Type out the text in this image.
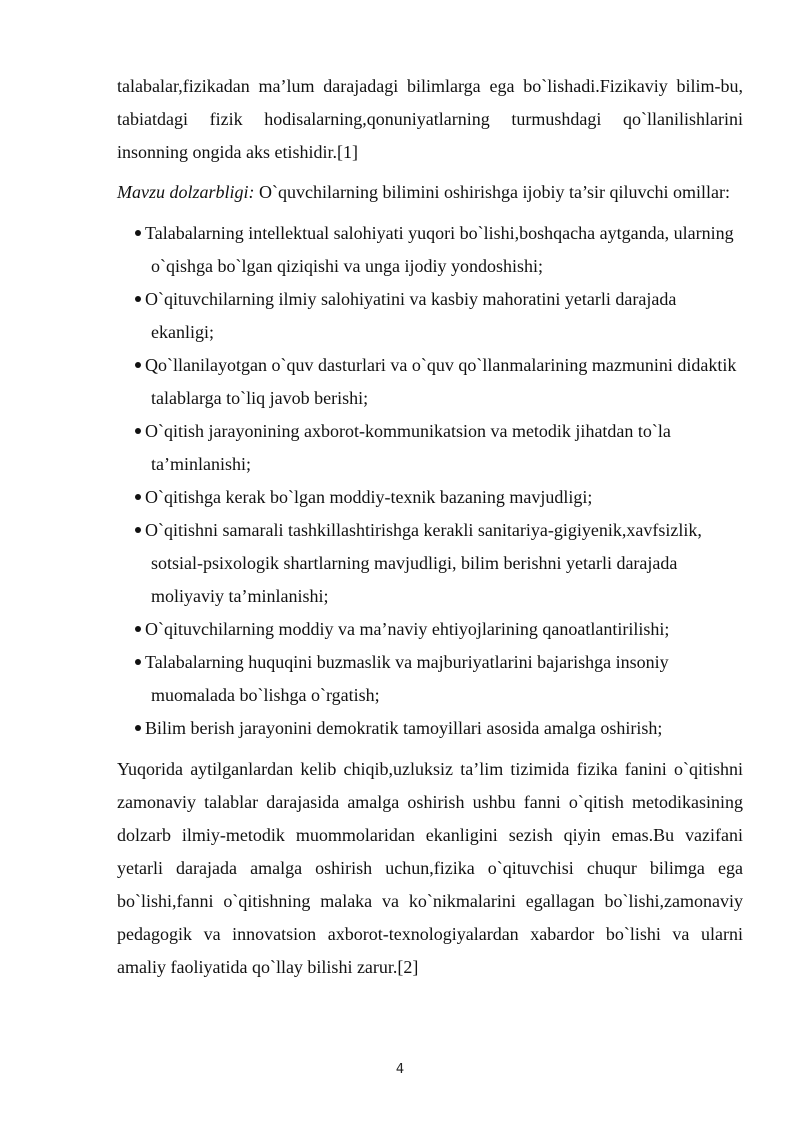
talabalar,fizikadan ma’lum darajadagi bilimlarga ega bo`lishadi.Fizikaviy bilim-bu, tabiatdagi fizik hodisalarning,qonuniyatlarning turmushdagi qo`llanilishlarini insonning ongida aks etishidir.[1]

Mavzu dolzarbligi: O`quvchilarning bilimini oshirishga ijobiy ta’sir qiluvchi omillar:

Talabalarning intellektual salohiyati yuqori bo`lishi,boshqacha aytganda, ularning o`qishga bo`lgan qiziqishi va unga ijodiy yondoshishi;
O`qituvchilarning ilmiy salohiyatini va kasbiy mahoratini yetarli darajada ekanligi;
Qo`llanilayotgan o`quv dasturlari va o`quv qo`llanmalarining mazmunini didaktik talablarga to`liq javob berishi;
O`qitish jarayonining axborot-kommunikatsion va metodik jihatdan to`la ta’minlanishi;
O`qitishga kerak bo`lgan moddiy-texnik bazaning mavjudligi;
O`qitishni samarali tashkillashtirishga kerakli sanitariya-gigiyenik,xavfsizlik, sotsial-psixologik shartlarning mavjudligi, bilim berishni yetarli darajada moliyaviy ta’minlanishi;
O`qituvchilarning moddiy va ma’naviy ehtiyojlarining qanoatlantirilishi;
Talabalarning huquqini buzmaslik va majburiyatlarini bajarishga insoniy muomalada bo`lishga o`rgatish;
Bilim berish jarayonini demokratik tamoyillari asosida amalga oshirish;

Yuqorida aytilganlardan kelib chiqib,uzluksiz ta’lim tizimida fizika fanini o`qitishni zamonaviy talablar darajasida amalga oshirish ushbu fanni o`qitish metodikasining dolzarb ilmiy-metodik muommolaridan ekanligini sezish qiyin emas.Bu vazifani yetarli darajada amalga oshirish uchun,fizika o`qituvchisi chuqur bilimga ega bo`lishi,fanni o`qitishning malaka va ko`nikmalarini egallagan bo`lishi,zamonaviy pedagogik va innovatsion axborot-texnologiyalardan xabardor bo`lishi va ularni amaliy faoliyatida qo`llay bilishi zarur.[2]

4
